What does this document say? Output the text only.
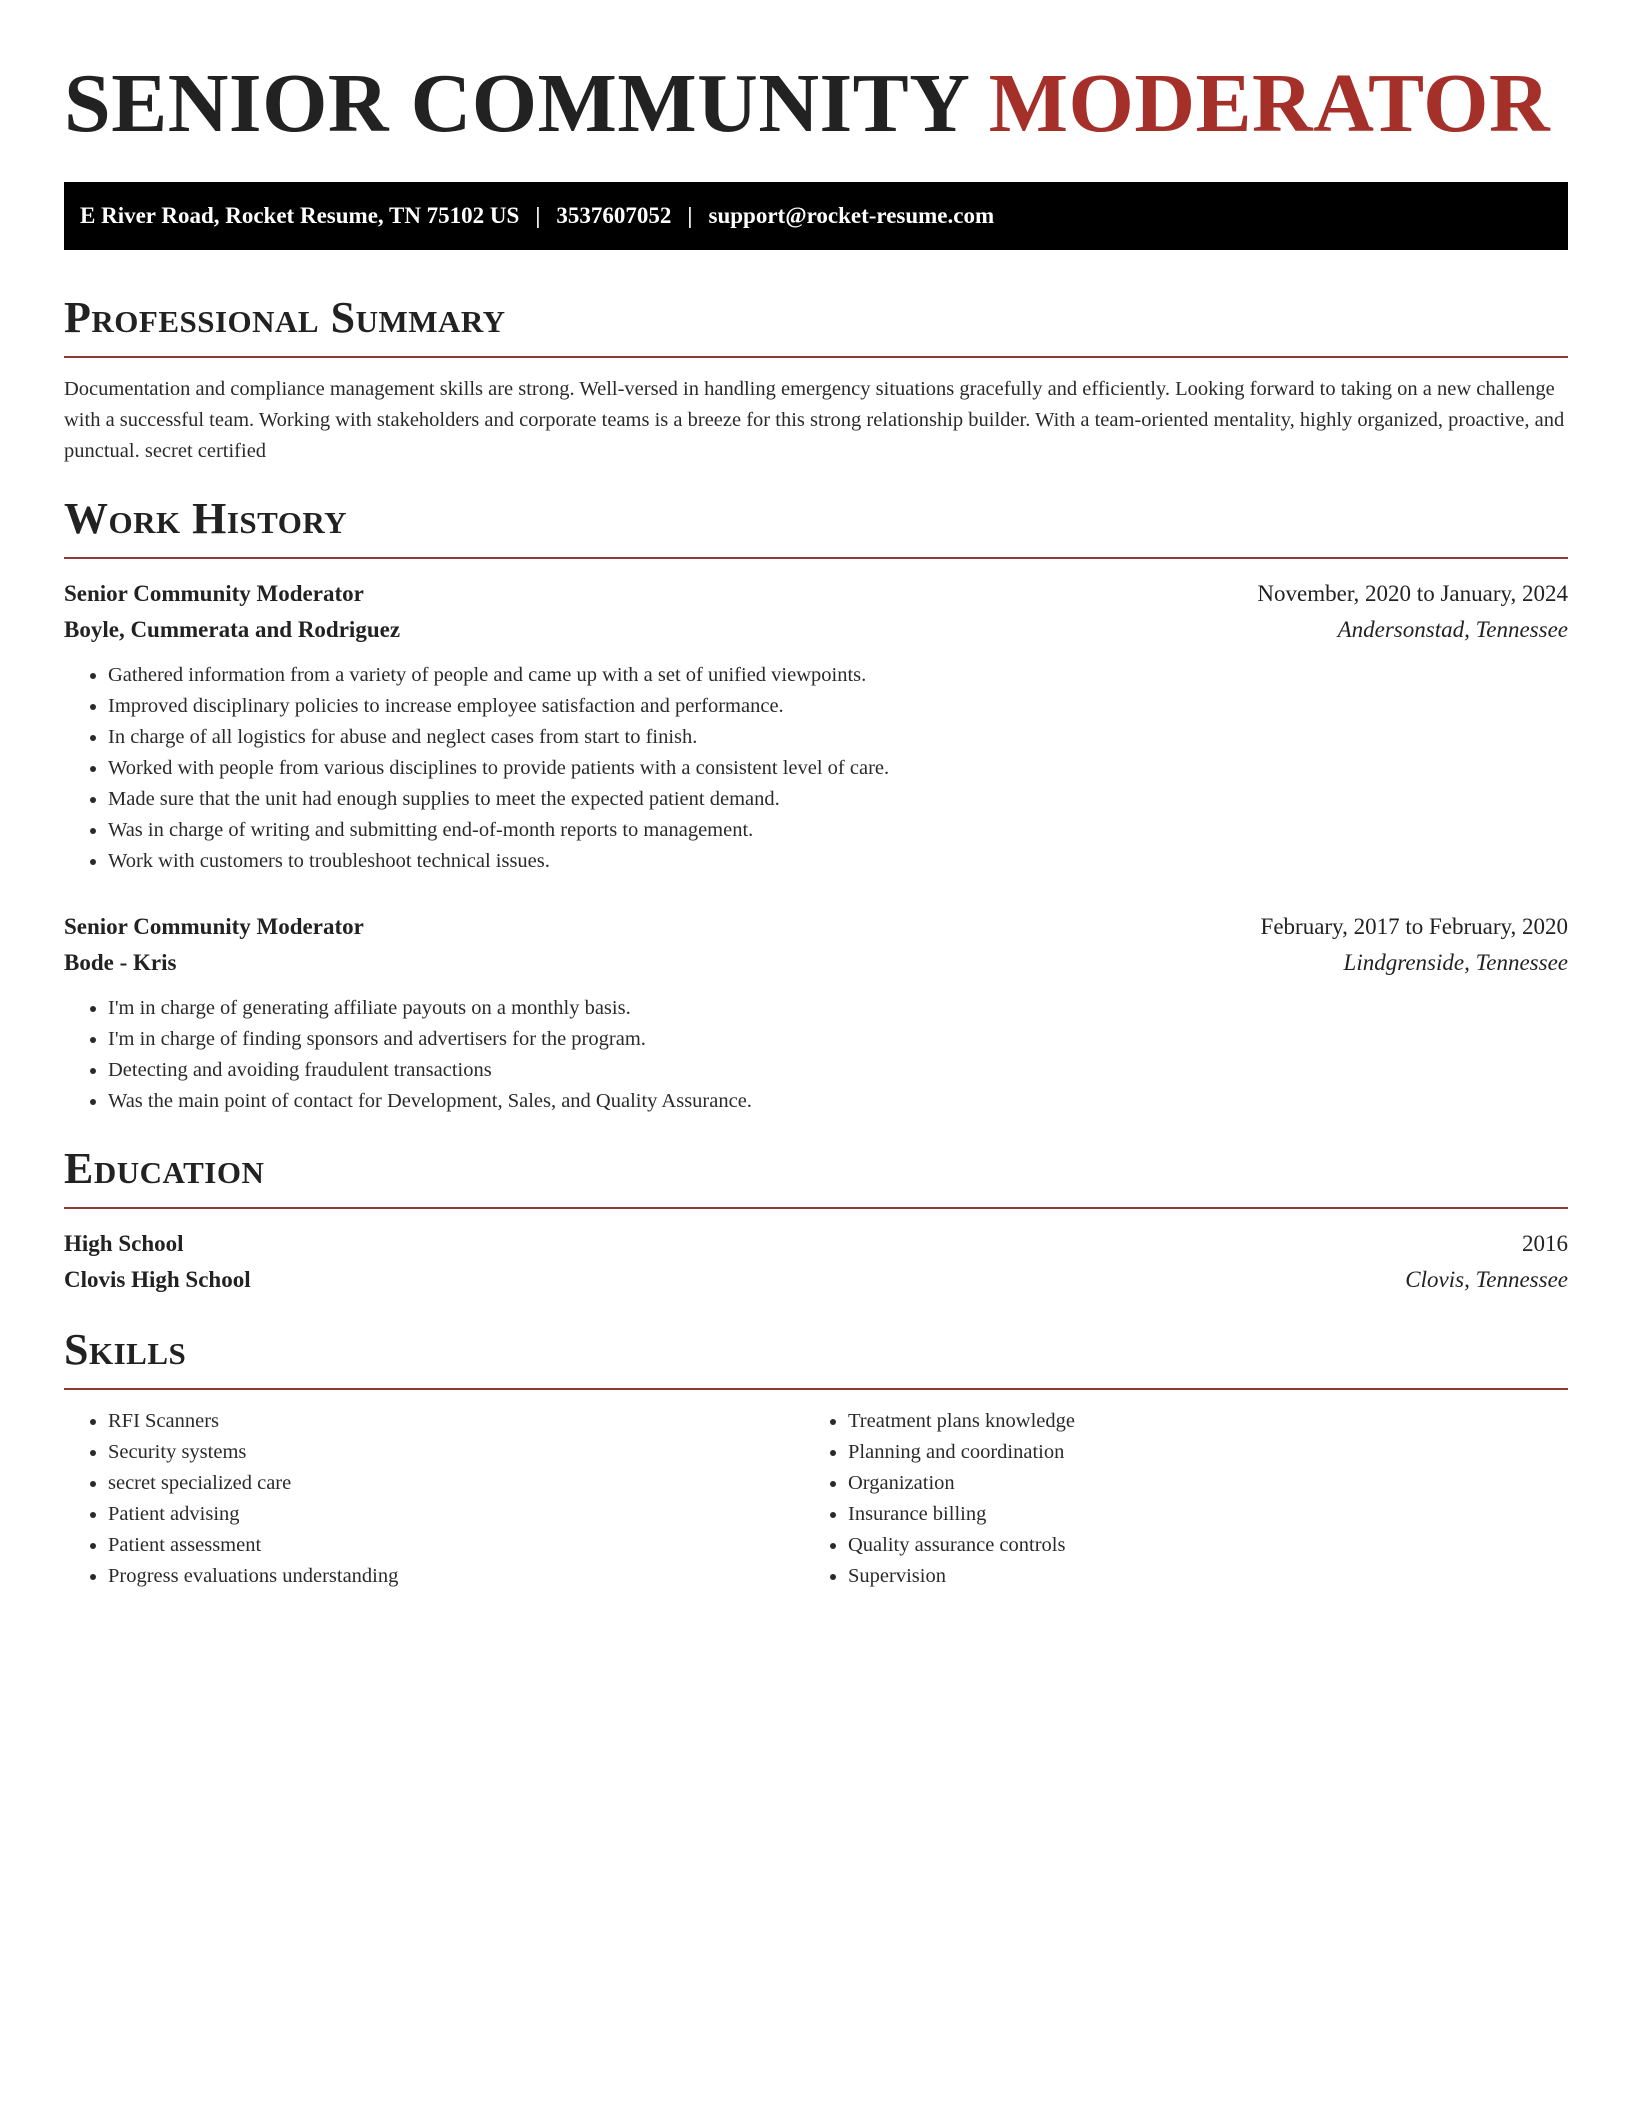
SENIOR COMMUNITY MODERATOR
E River Road, Rocket Resume, TN 75102 US | 3537607052 | support@rocket-resume.com
Professional Summary
Documentation and compliance management skills are strong. Well-versed in handling emergency situations gracefully and efficiently. Looking forward to taking on a new challenge with a successful team. Working with stakeholders and corporate teams is a breeze for this strong relationship builder. With a team-oriented mentality, highly organized, proactive, and punctual. secret certified
Work History
Senior Community Moderator	November, 2020 to January, 2024
Boyle, Cummerata and Rodriguez	Andersonstad, Tennessee
• Gathered information from a variety of people and came up with a set of unified viewpoints.
• Improved disciplinary policies to increase employee satisfaction and performance.
• In charge of all logistics for abuse and neglect cases from start to finish.
• Worked with people from various disciplines to provide patients with a consistent level of care.
• Made sure that the unit had enough supplies to meet the expected patient demand.
• Was in charge of writing and submitting end-of-month reports to management.
• Work with customers to troubleshoot technical issues.
Senior Community Moderator	February, 2017 to February, 2020
Bode - Kris	Lindgrenside, Tennessee
• I'm in charge of generating affiliate payouts on a monthly basis.
• I'm in charge of finding sponsors and advertisers for the program.
• Detecting and avoiding fraudulent transactions
• Was the main point of contact for Development, Sales, and Quality Assurance.
Education
High School	2016
Clovis High School	Clovis, Tennessee
Skills
• RFI Scanners
• Security systems
• secret specialized care
• Patient advising
• Patient assessment
• Progress evaluations understanding
• Treatment plans knowledge
• Planning and coordination
• Organization
• Insurance billing
• Quality assurance controls
• Supervision
